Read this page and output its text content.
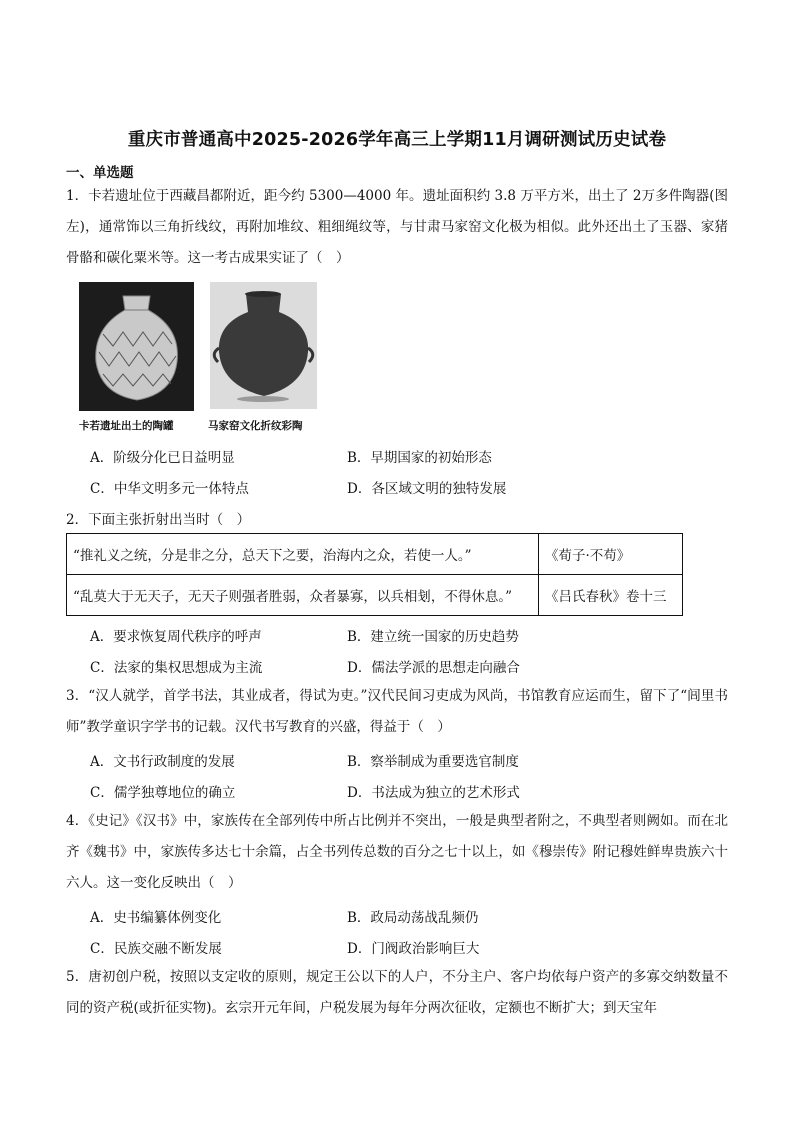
重庆市普通高中2025-2026学年高三上学期11月调研测试历史试卷
一、单选题

1．卡若遗址位于西藏昌都附近，距今约 5300—4000 年。遗址面积约 3.8 万平方米，出土了 2万多件陶器(图左)，通常饰以三角折线纹，再附加堆纹、粗细绳纹等，与甘肃马家窑文化极为相似。此外还出土了玉器、家猪骨骼和碳化粟米等。这一考古成果实证了（　）

卡若遗址出土的陶罐	马家窑文化折纹彩陶
A．阶级分化已日益明显	B．早期国家的初始形态
C．中华文明多元一体特点	D．各区域文明的独特发展
2．下面主张折射出当时（　）
“推礼义之统，分是非之分，总天下之要，治海内之众，若使一人。”	《荀子·不苟》
“乱莫大于无天子，无天子则强者胜弱，众者暴寡，以兵相刬，不得休息。”	《吕氏春秋》卷十三
A．要求恢复周代秩序的呼声	B．建立统一国家的历史趋势
C．法家的集权思想成为主流	D．儒法学派的思想走向融合

3．“汉人就学，首学书法，其业成者，得试为吏。”汉代民间习吏成为风尚，书馆教育应运而生，留下了“闾里书师”教学童识字学书的记载。汉代书写教育的兴盛，得益于（　）

A．文书行政制度的发展	B．察举制成为重要选官制度
C．儒学独尊地位的确立	D．书法成为独立的艺术形式

4．《史记》《汉书》中，家族传在全部列传中所占比例并不突出，一般是典型者附之，不典型者则阙如。而在北齐《魏书》中，家族传多达七十余篇，占全书列传总数的百分之七十以上，如《穆崇传》附记穆姓鲜卑贵族六十六人。这一变化反映出（　）

A．史书编纂体例变化	B．政局动荡战乱频仍
C．民族交融不断发展	D．门阀政治影响巨大

5．唐初创户税，按照以支定收的原则，规定王公以下的人户，不分主户、客户均依每户资产的多寡交纳数量不同的资产税(或折征实物)。玄宗开元年间，户税发展为每年分两次征收，定额也不断扩大；到天宝年
